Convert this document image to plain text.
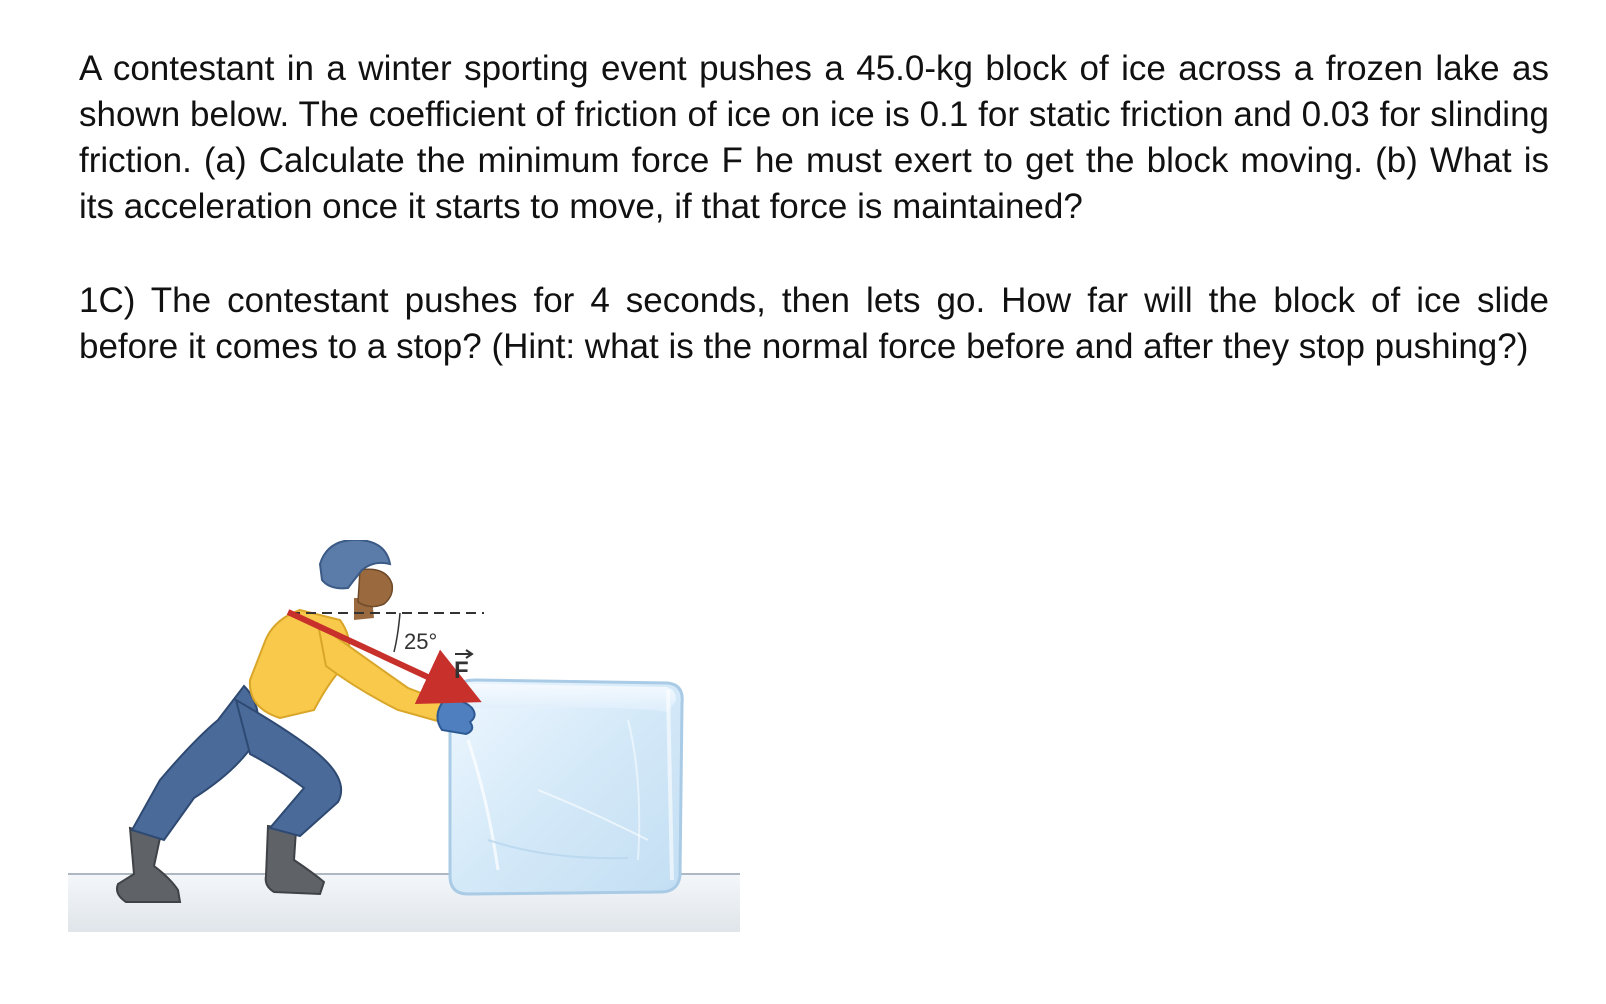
A contestant in a winter sporting event pushes a 45.0-kg block of ice across a frozen lake as shown below. The coefficient of friction of ice on ice is 0.1 for static friction and 0.03 for slinding friction. (a) Calculate the minimum force F he must exert to get the block moving. (b) What is its acceleration once it starts to move, if that force is maintained?

1C) The contestant pushes for 4 seconds, then lets go. How far will the block of ice slide before it comes to a stop? (Hint: what is the normal force before and after they stop pushing?)

25°
F
